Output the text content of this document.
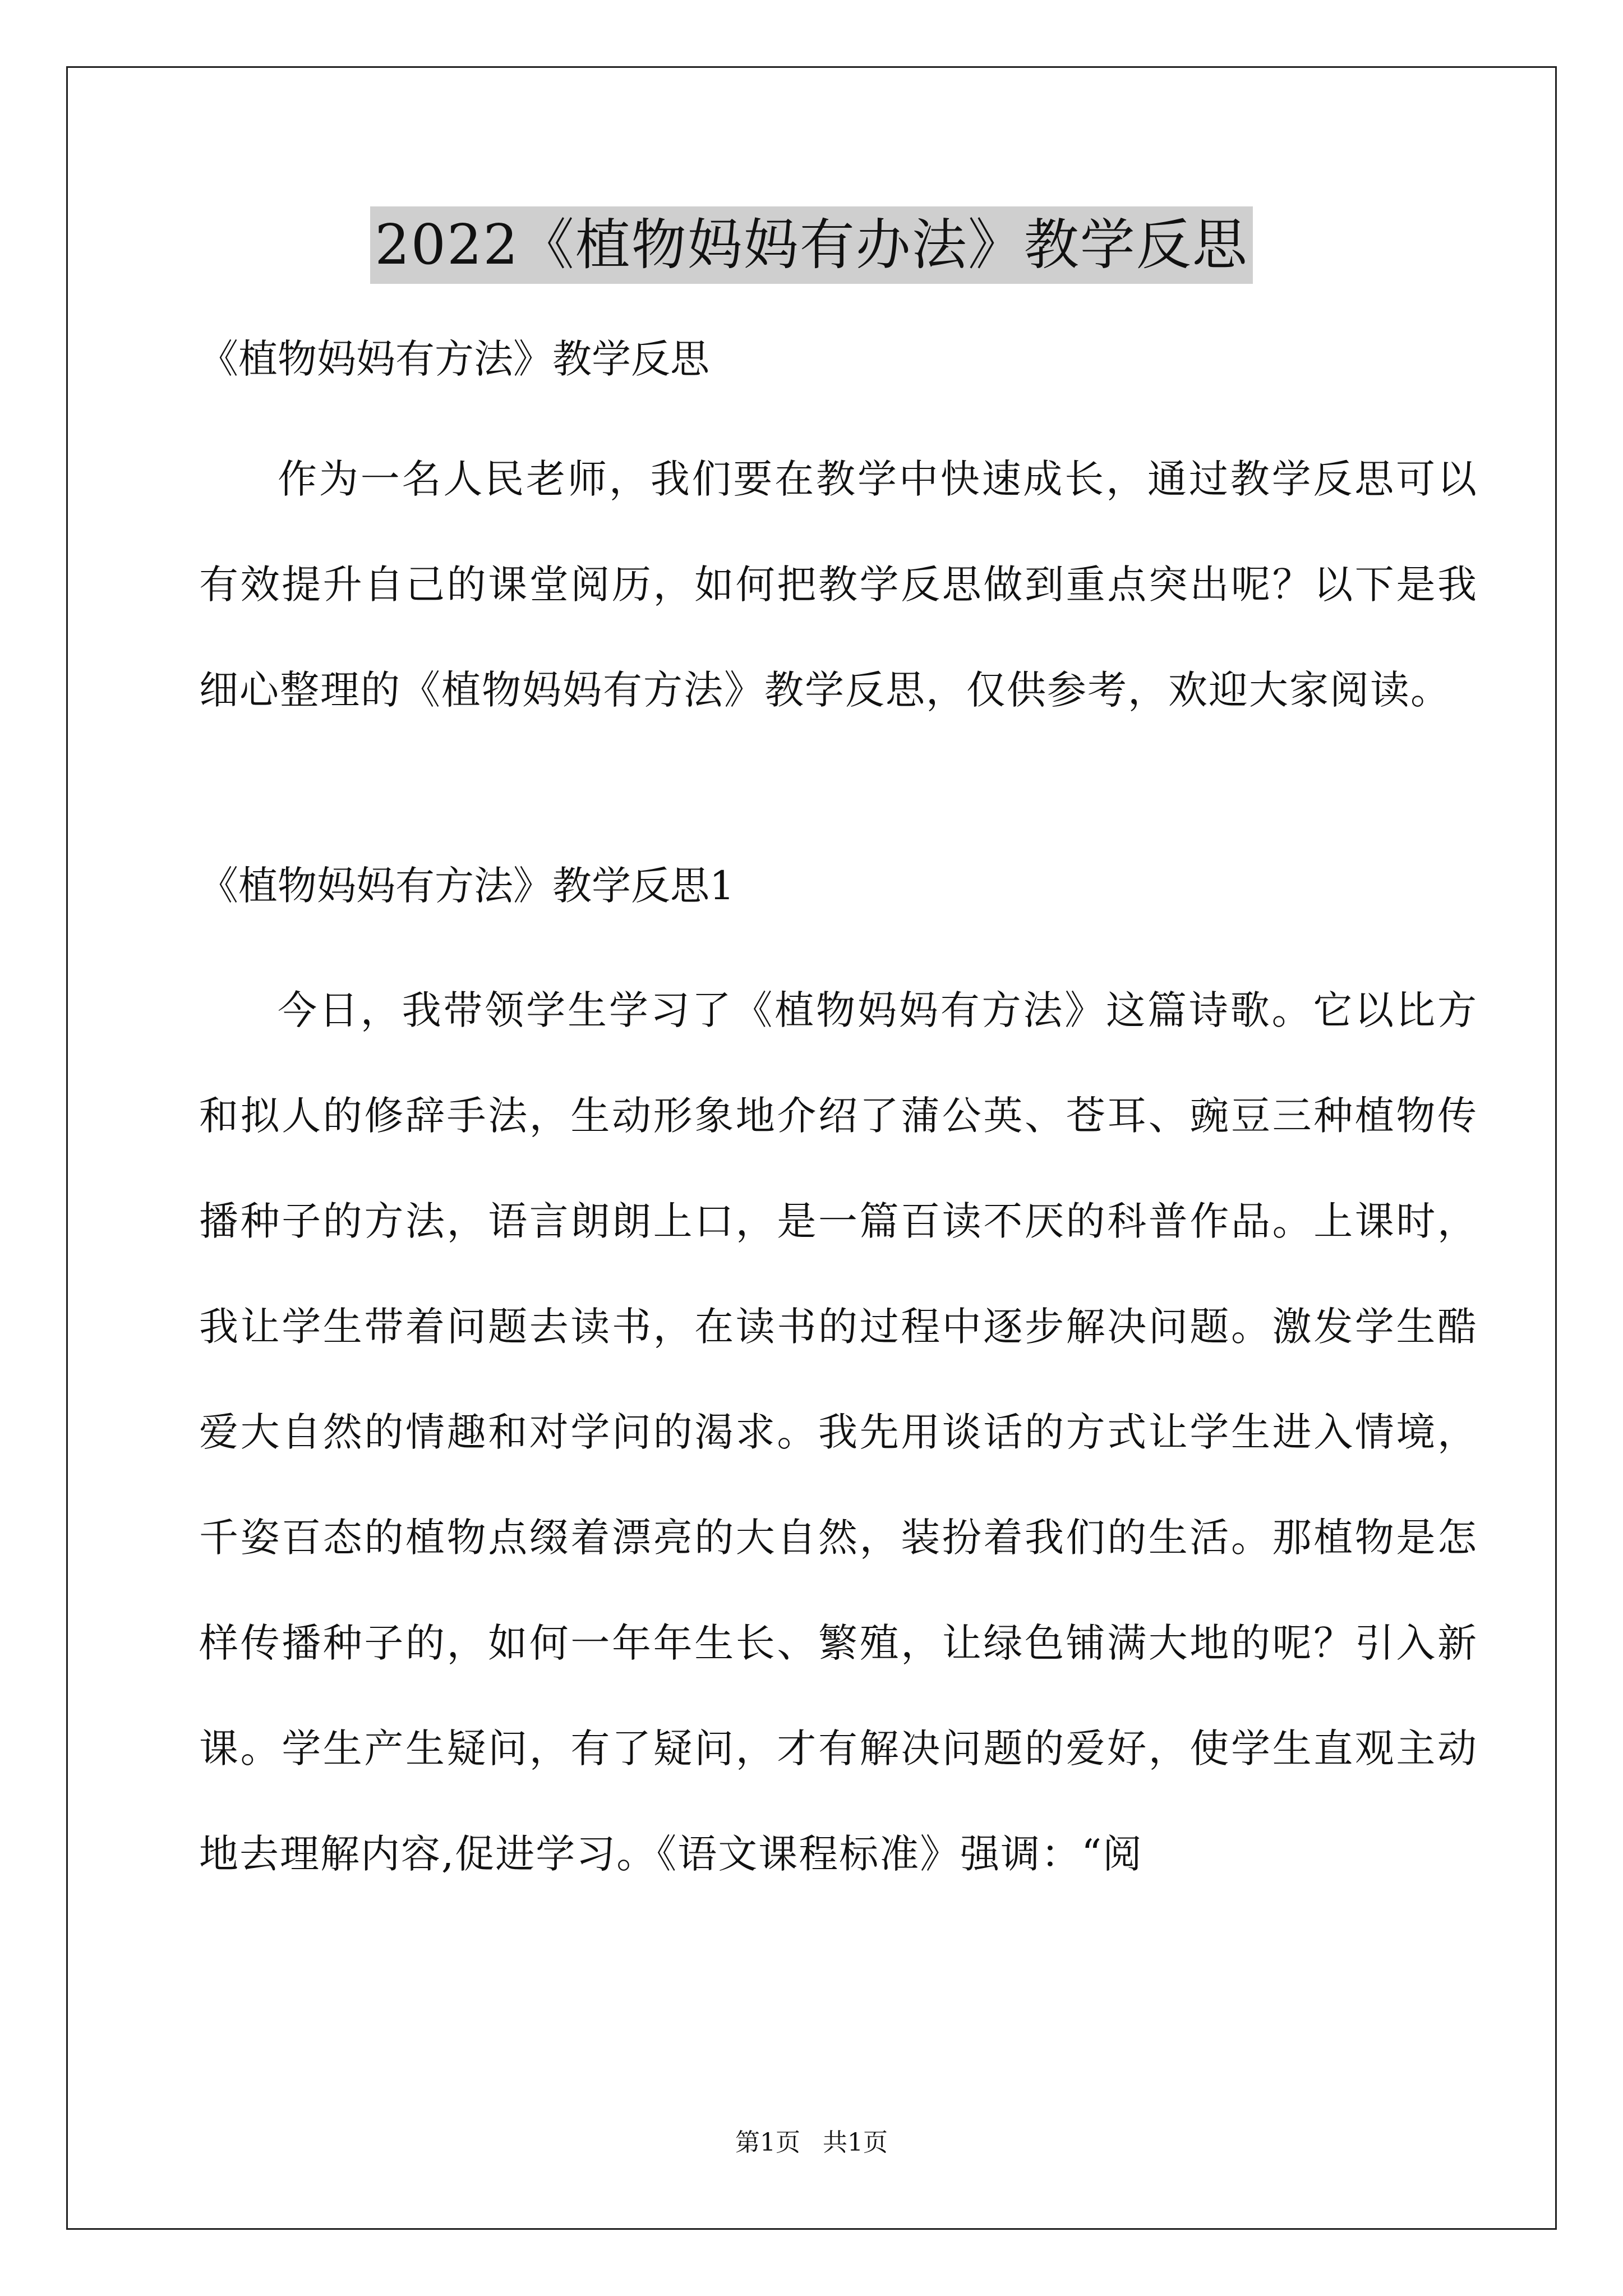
2022《植物妈妈有办法》教学反思

《植物妈妈有方法》教学反思

作为一名人民老师，我们要在教学中快速成长，通过教学反思可以有效提升自己的课堂阅历，如何把教学反思做到重点突出呢？以下是我细心整理的《植物妈妈有方法》教学反思，仅供参考，欢迎大家阅读。

《植物妈妈有方法》教学反思1

今日，我带领学生学习了《植物妈妈有方法》这篇诗歌。它以比方和拟人的修辞手法，生动形象地介绍了蒲公英、苍耳、豌豆三种植物传播种子的方法，语言朗朗上口，是一篇百读不厌的科普作品。上课时，我让学生带着问题去读书，在读书的过程中逐步解决问题。激发学生酷爱大自然的情趣和对学问的渴求。我先用谈话的方式让学生进入情境，千姿百态的植物点缀着漂亮的大自然，装扮着我们的生活。那植物是怎样传播种子的，如何一年年生长、繁殖，让绿色铺满大地的呢？引入新课。学生产生疑问，有了疑问，才有解决问题的爱好，使学生直观主动地去理解内容,促进学习。《语文课程标准》强调：“阅

第1页 共1页
